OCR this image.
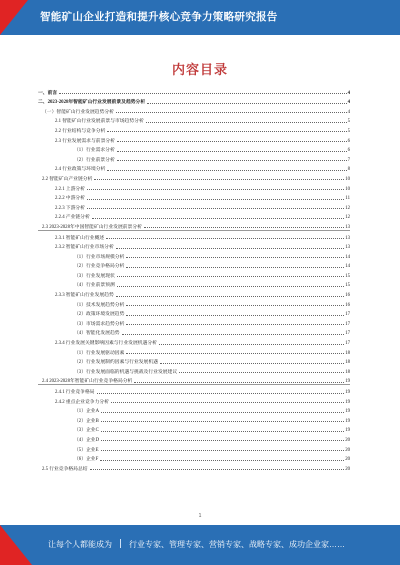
智能矿山企业打造和提升核心竞争力策略研究报告
内容目录
一、前言	4
二、2023-2028年智能矿山行业发展前景及趋势分析	4
（一）智能矿山行业发展趋势分析	4
2.1 智能矿山行业发展前景与市场趋势分析	5
2.2 行业结构与竞争分析	5
2.3 行业发展需求与前景分析	6
（1）行业需求分析	6
（2）行业前景分析	7
2.4 行业政策与环境分析	8
2.2 智能矿山产业链分析	10
2.2.1 上游分析	10
2.2.2 中游分析	11
2.2.3 下游分析	12
2.2.4 产业链分析	12
2.3 2023-2028年中国智能矿山行业发展前景分析	13
2.3.1 智能矿山行业概述	13
2.3.2 智能矿山行业市场分析	13
（1）行业市场规模分析	14
（2）行业竞争格局分析	14
（3）行业发展现状	15
（4）行业前景预测	15
2.3.3 智能矿山行业发展趋势	16
（1）技术发展趋势分析	16
（2）政策环境发展趋势	17
（3）市场需求趋势分析	17
（4）智能化发展趋势	17
2.3.4 行业发展关键影响因素与行业发展机遇分析	17
（1）行业发展驱动因素	18
（2）行业发展制约因素与行业发展机遇	18
（3）行业发展面临的机遇与挑战及行业发展建议	18
2.4 2023-2028年智能矿山行业竞争格局分析	19
2.4.1 行业竞争格局	19
2.4.2 重点企业竞争力分析	19
（1）企业A	19
（2）企业B	19
（3）企业C	19
（4）企业D	20
（5）企业E	20
（6）企业F	20
2.5 行业竞争格局总结	20
1
让每个人都能成为 行业专家、管理专家、营销专家、战略专家、成功企业家……
